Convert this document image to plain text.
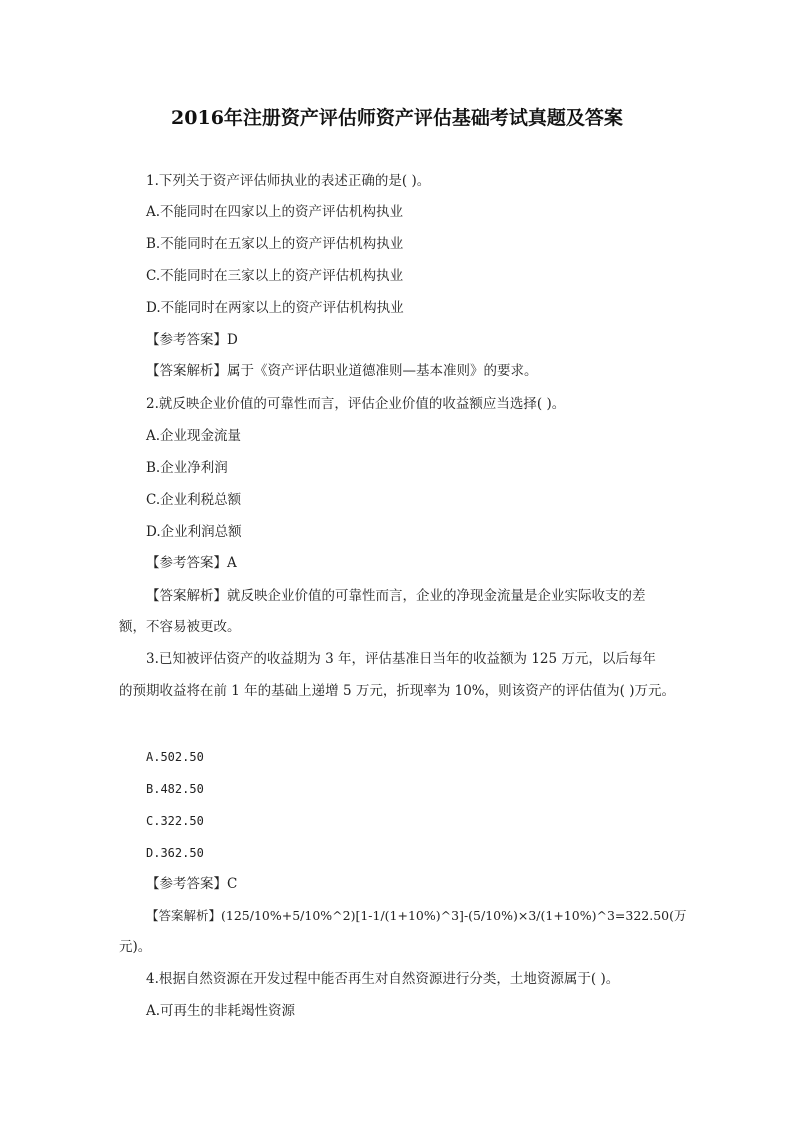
2016年注册资产评估师资产评估基础考试真题及答案
1.下列关于资产评估师执业的表述正确的是( )。
A.不能同时在四家以上的资产评估机构执业
B.不能同时在五家以上的资产评估机构执业
C.不能同时在三家以上的资产评估机构执业
D.不能同时在两家以上的资产评估机构执业
【参考答案】D
【答案解析】属于《资产评估职业道德准则—基本准则》的要求。
2.就反映企业价值的可靠性而言，评估企业价值的收益额应当选择( )。
A.企业现金流量
B.企业净利润
C.企业利税总额
D.企业利润总额
【参考答案】A
【答案解析】就反映企业价值的可靠性而言，企业的净现金流量是企业实际收支的差
额，不容易被更改。
3.已知被评估资产的收益期为 3 年，评估基准日当年的收益额为 125 万元，以后每年
的预期收益将在前 1 年的基础上递增 5 万元，折现率为 10%，则该资产的评估值为( )万元。
A.502.50
B.482.50
C.322.50
D.362.50
【参考答案】C
【答案解析】(125/10%+5/10%^2)[1-1/(1+10%)^3]-(5/10%)×3/(1+10%)^3=322.50(万
元)。
4.根据自然资源在开发过程中能否再生对自然资源进行分类，土地资源属于( )。
A.可再生的非耗竭性资源
